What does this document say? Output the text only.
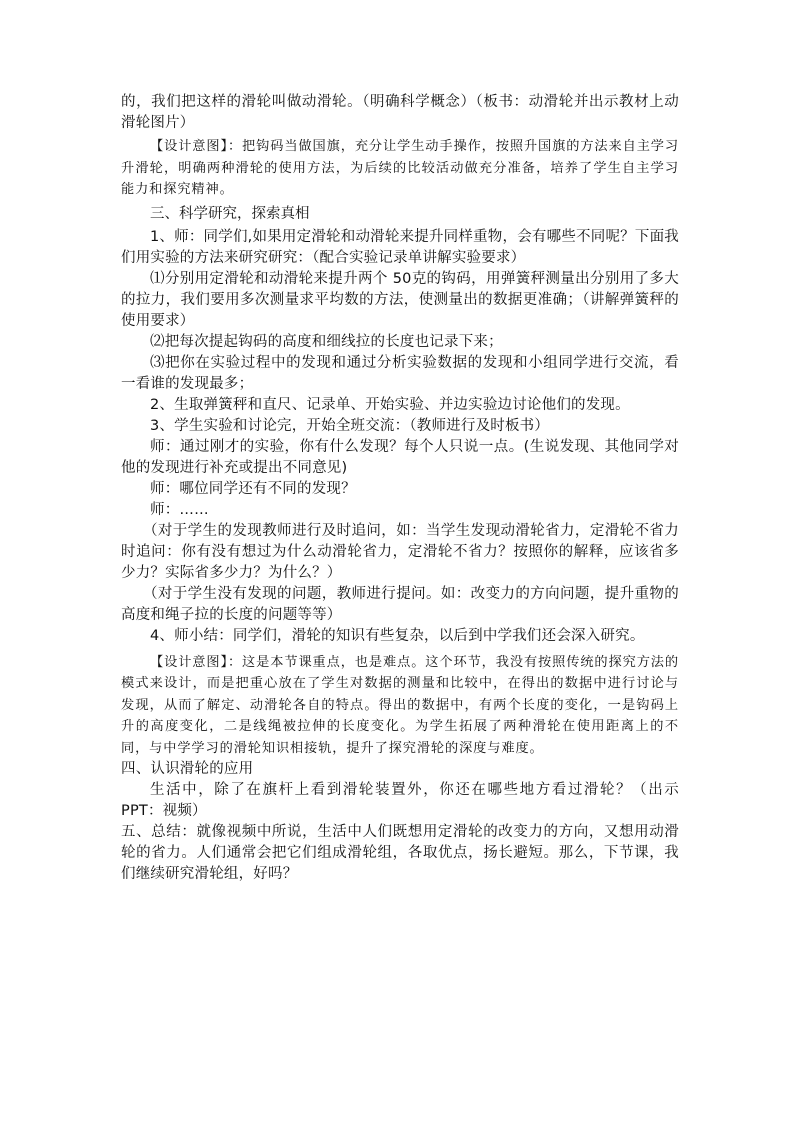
的，我们把这样的滑轮叫做动滑轮。（明确科学概念）（板书：动滑轮并出示教材上动滑轮图片）

【设计意图】：把钩码当做国旗，充分让学生动手操作，按照升国旗的方法来自主学习升滑轮，明确两种滑轮的使用方法，为后续的比较活动做充分准备，培养了学生自主学习能力和探究精神。

三、科学研究，探索真相

1、师：同学们,如果用定滑轮和动滑轮来提升同样重物，会有哪些不同呢？下面我们用实验的方法来研究研究：（配合实验记录单讲解实验要求）

⑴分别用定滑轮和动滑轮来提升两个 50克的钩码，用弹簧秤测量出分别用了多大的拉力，我们要用多次测量求平均数的方法，使测量出的数据更准确；（讲解弹簧秤的使用要求）

⑵把每次提起钩码的高度和细线拉的长度也记录下来；

⑶把你在实验过程中的发现和通过分析实验数据的发现和小组同学进行交流，看一看谁的发现最多；

2、生取弹簧秤和直尺、记录单、开始实验、并边实验边讨论他们的发现。

3、学生实验和讨论完，开始全班交流：（教师进行及时板书）

师：通过刚才的实验，你有什么发现？每个人只说一点。(生说发现、其他同学对他的发现进行补充或提出不同意见)

师：哪位同学还有不同的发现？

师：……

（对于学生的发现教师进行及时追问，如：当学生发现动滑轮省力，定滑轮不省力时追问：你有没有想过为什么动滑轮省力，定滑轮不省力？按照你的解释，应该省多少力？实际省多少力？为什么？）

（对于学生没有发现的问题，教师进行提问。如：改变力的方向问题，提升重物的高度和绳子拉的长度的问题等等）

4、师小结：同学们，滑轮的知识有些复杂，以后到中学我们还会深入研究。

【设计意图】：这是本节课重点，也是难点。这个环节，我没有按照传统的探究方法的模式来设计，而是把重心放在了学生对数据的测量和比较中，在得出的数据中进行讨论与发现，从而了解定、动滑轮各自的特点。得出的数据中，有两个长度的变化，一是钩码上升的高度变化，二是线绳被拉伸的长度变化。为学生拓展了两种滑轮在使用距离上的不同，与中学学习的滑轮知识相接轨，提升了探究滑轮的深度与难度。

四、认识滑轮的应用

生活中，除了在旗杆上看到滑轮装置外，你还在哪些地方看过滑轮？（出示 PPT：视频）

五、总结：就像视频中所说，生活中人们既想用定滑轮的改变力的方向，又想用动滑轮的省力。人们通常会把它们组成滑轮组，各取优点，扬长避短。那么，下节课，我们继续研究滑轮组，好吗？
